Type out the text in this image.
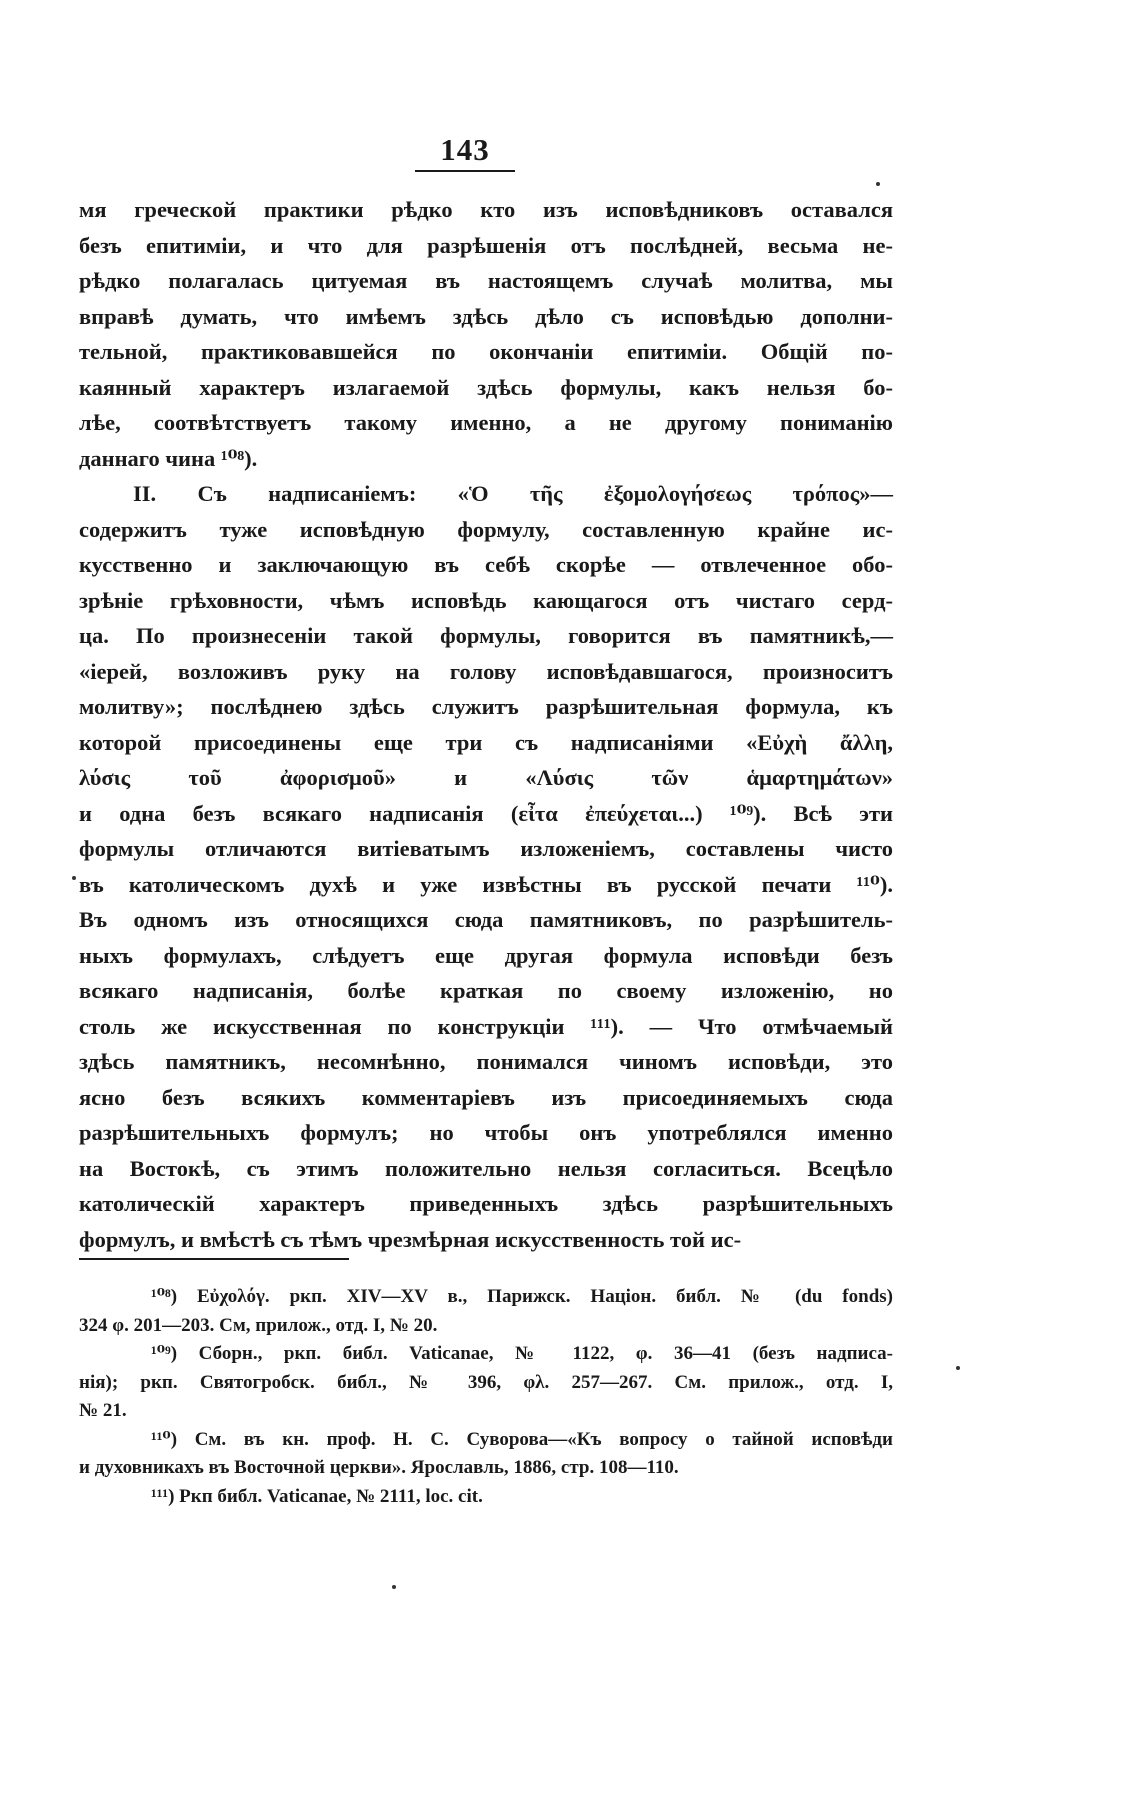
143
мя греческой практики рѣдко кто изъ исповѣдниковъ оставался
безъ епитиміи, и что для разрѣшенія отъ послѣдней, весьма не-
рѣдко полагалась цитуемая въ настоящемъ случаѣ молитва, мы
вправѣ думать, что имѣемъ здѣсь дѣло съ исповѣдью дополни-
тельной, практиковавшейся по окончаніи епитиміи. Общій по-
каянный характеръ излагаемой здѣсь формулы, какъ нельзя бо-
лѣе, соотвѣтствуетъ такому именно, а не другому пониманію
даннаго чина ¹⁰⁸).
II. Съ надписаніемъ: «Ὁ τῆς ἐξομολογήσεως τρόπος»—
содержитъ туже исповѣдную формулу, составленную крайне ис-
кусственно и заключающую въ себѣ скорѣе — отвлеченное обо-
зрѣніе грѣховности, чѣмъ исповѣдь кающагося отъ чистаго серд-
ца. По произнесеніи такой формулы, говорится въ памятникѣ,—
«іерей, возложивъ руку на голову исповѣдавшагося, произноситъ
молитву»; послѣднею здѣсь служитъ разрѣшительная формула, къ
которой присоединены еще три съ надписаніями «Εὐχὴ ἄλλη,
λύσις τοῦ ἀφορισμοῦ» и «Λύσις τῶν ἁμαρτημάτων»
и одна безъ всякаго надписанія (εἶτα ἐπεύχεται...) ¹⁰⁹). Всѣ эти
формулы отличаются витіеватымъ изложеніемъ, составлены чисто
въ католическомъ духѣ и уже извѣстны въ русской печати ¹¹⁰).
Въ одномъ изъ относящихся сюда памятниковъ, по разрѣшитель-
ныхъ формулахъ, слѣдуетъ еще другая формула исповѣди безъ
всякаго надписанія, болѣе краткая по своему изложенію, но
столь же искусственная по конструкціи ¹¹¹). — Что отмѣчаемый
здѣсь памятникъ, несомнѣнно, понимался чиномъ исповѣди, это
ясно безъ всякихъ комментаріевъ изъ присоединяемыхъ сюда
разрѣшительныхъ формулъ; но чтобы онъ употреблялся именно
на Востокѣ, съ этимъ положительно нельзя согласиться. Всецѣло
католическій характеръ приведенныхъ здѣсь разрѣшительныхъ
формулъ, и вмѣстѣ съ тѣмъ чрезмѣрная искусственность той ис-
¹⁰⁸) Εὐχολόγ. ркп. XIV—XV в., Парижск. Націон. библ. № (du fonds)
324 φ. 201—203. См, прилож., отд. I, № 20.
¹⁰⁹) Сборн., ркп. библ. Vaticanae, № 1122, φ. 36—41 (безъ надписа-
нія); ркп. Святогробск. библ., № 396, φλ. 257—267. См. прилож., отд. I,
№ 21.
¹¹⁰) См. въ кн. проф. Н. С. Суворова—«Къ вопросу о тайной исповѣди
и духовникахъ въ Восточной церкви». Ярославль, 1886, стр. 108—110.
¹¹¹) Ркп библ. Vaticanae, № 2111, loc. cit.
